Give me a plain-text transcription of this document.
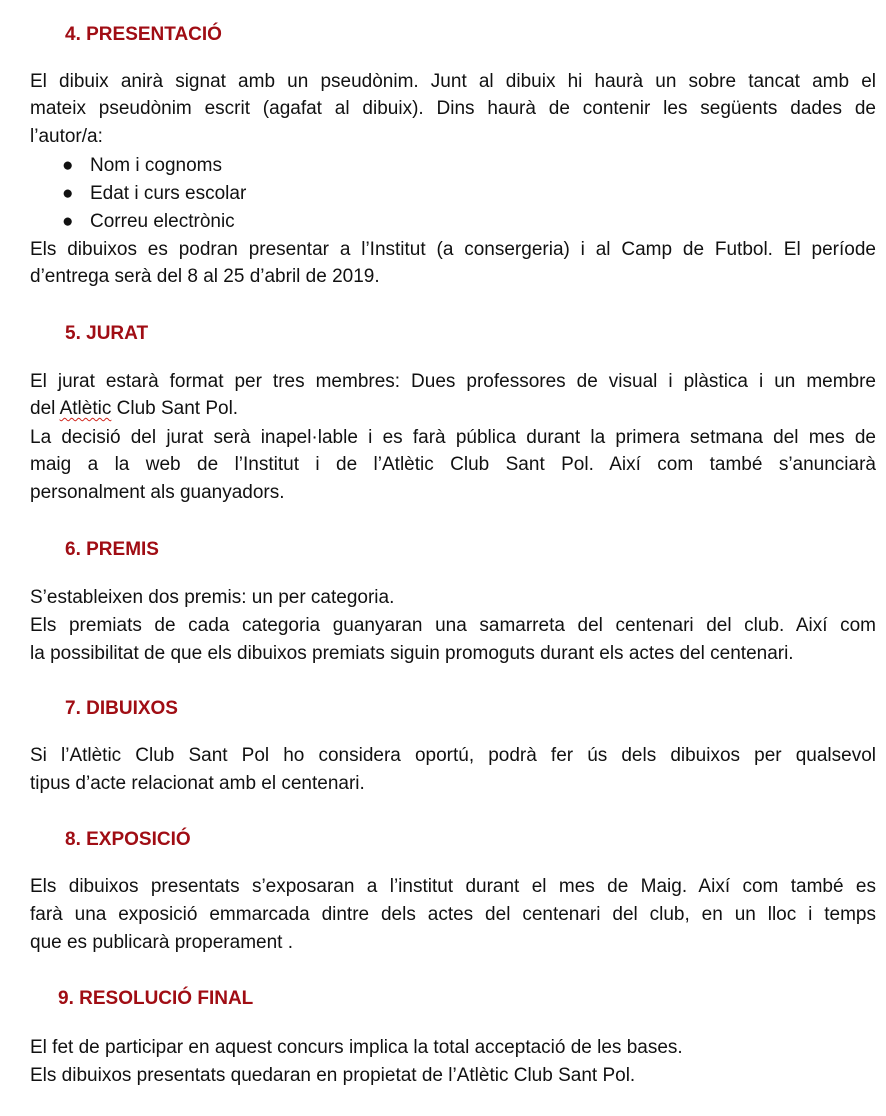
4. PRESENTACIÓ
El dibuix anirà signat amb un pseudònim. Junt al dibuix hi haurà un sobre tancat amb el
mateix pseudònim escrit (agafat al dibuix). Dins haurà de contenir les següents dades de
l’autor/a:
● Nom i cognoms
● Edat i curs escolar
● Correu electrònic
Els dibuixos es podran presentar a l’Institut (a consergeria) i al Camp de Futbol. El període
d’entrega serà del 8 al 25 d’abril de 2019.
5. JURAT
El jurat estarà format per tres membres: Dues professores de visual i plàstica i un membre
del Atlètic Club Sant Pol.
La decisió del jurat serà inapel·lable i es farà pública durant la primera setmana del mes de
maig a la web de l’Institut i de l’Atlètic Club Sant Pol. Així com també s’anunciarà
personalment als guanyadors.
6. PREMIS
S’estableixen dos premis: un per categoria.
Els premiats de cada categoria guanyaran una samarreta del centenari del club. Així com
la possibilitat de que els dibuixos premiats siguin promoguts durant els actes del centenari.
7. DIBUIXOS
Si l’Atlètic Club Sant Pol ho considera oportú, podrà fer ús dels dibuixos per qualsevol
tipus d’acte relacionat amb el centenari.
8. EXPOSICIÓ
Els dibuixos presentats s’exposaran a l’institut durant el mes de Maig. Així com també es
farà una exposició emmarcada dintre dels actes del centenari del club, en un lloc i temps
que es publicarà properament .
9. RESOLUCIÓ FINAL
El fet de participar en aquest concurs implica la total acceptació de les bases.
Els dibuixos presentats quedaran en propietat de l’Atlètic Club Sant Pol.
